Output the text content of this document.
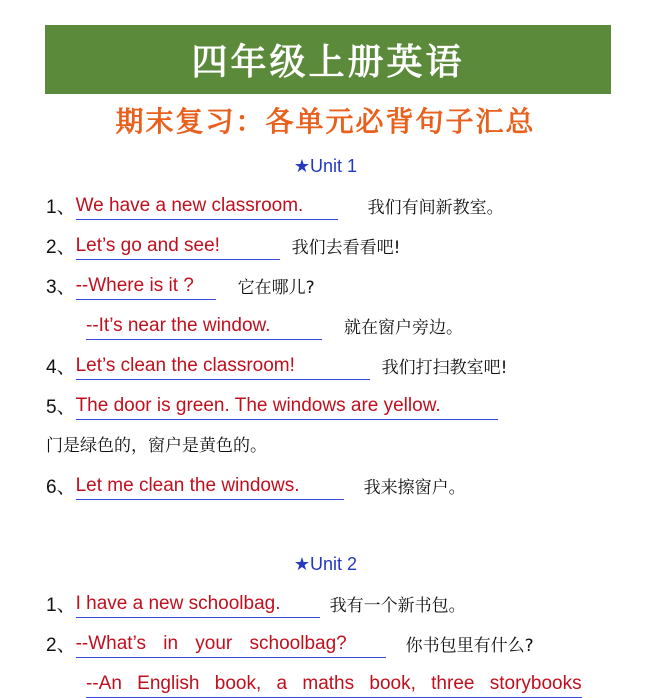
四年级上册英语
期末复习：各单元必背句子汇总
★Unit 1
1、 We have a new classroom.	我们有间新教室。
2、 Let’s go and see!	我们去看看吧!
3、 --Where is it ?	它在哪儿?
--It’s near the window.	就在窗户旁边。
4、 Let’s clean the classroom!	我们打扫教室吧!
5、 The door is green. The windows are yellow.
门是绿色的，窗户是黄色的。
6、 Let me clean the windows.	我来擦窗户。
★Unit 2
1、 I have a new schoolbag.	我有一个新书包。
2、 --What’s in your schoolbag?	你书包里有什么?
--An English book, a maths book, three storybooks
